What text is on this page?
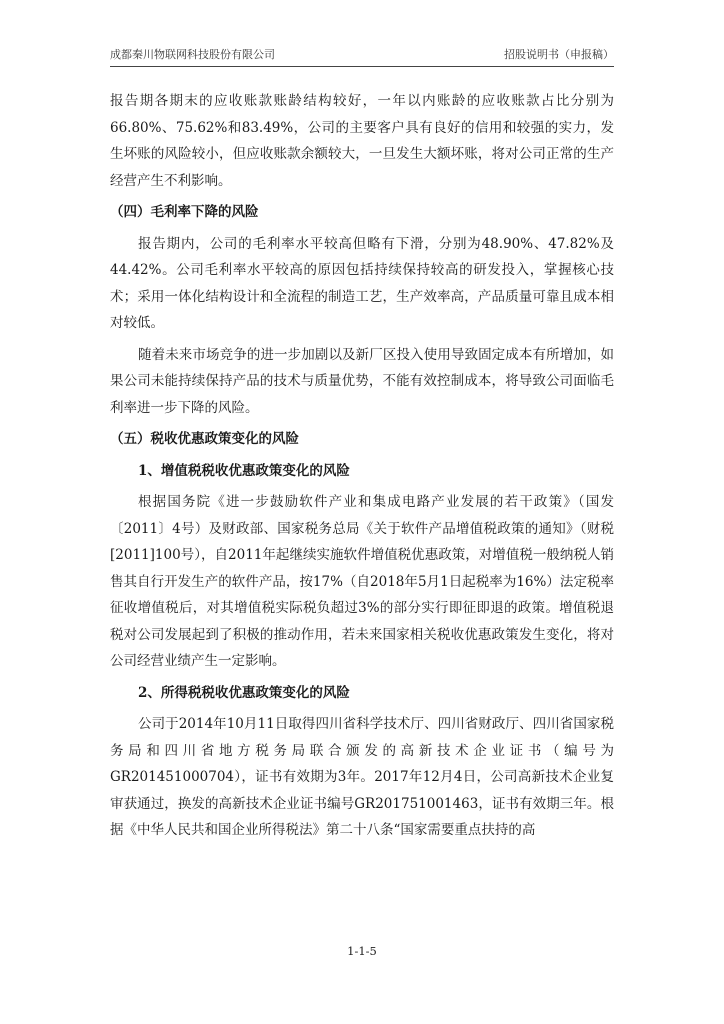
成都秦川物联网科技股份有限公司	招股说明书（申报稿）

报告期各期末的应收账款账龄结构较好，一年以内账龄的应收账款占比分别为66.80%、75.62%和83.49%，公司的主要客户具有良好的信用和较强的实力，发生坏账的风险较小，但应收账款余额较大，一旦发生大额坏账，将对公司正常的生产经营产生不利影响。

（四）毛利率下降的风险

报告期内，公司的毛利率水平较高但略有下滑，分别为48.90%、47.82%及44.42%。公司毛利率水平较高的原因包括持续保持较高的研发投入，掌握核心技术；采用一体化结构设计和全流程的制造工艺，生产效率高，产品质量可靠且成本相对较低。

随着未来市场竞争的进一步加剧以及新厂区投入使用导致固定成本有所增加，如果公司未能持续保持产品的技术与质量优势，不能有效控制成本，将导致公司面临毛利率进一步下降的风险。

（五）税收优惠政策变化的风险
1、增值税税收优惠政策变化的风险

根据国务院《进一步鼓励软件产业和集成电路产业发展的若干政策》（国发〔2011〕4号）及财政部、国家税务总局《关于软件产品增值税政策的通知》（财税[2011]100号），自2011年起继续实施软件增值税优惠政策，对增值税一般纳税人销售其自行开发生产的软件产品，按17%（自2018年5月1日起税率为16%）法定税率征收增值税后，对其增值税实际税负超过3%的部分实行即征即退的政策。增值税退税对公司发展起到了积极的推动作用，若未来国家相关税收优惠政策发生变化，将对公司经营业绩产生一定影响。

2、所得税税收优惠政策变化的风险

公司于2014年10月11日取得四川省科学技术厅、四川省财政厅、四川省国家税务局和四川省地方税务局联合颁发的高新技术企业证书（编号为GR201451000704），证书有效期为3年。2017年12月4日，公司高新技术企业复审获通过，换发的高新技术企业证书编号GR201751001463，证书有效期三年。根据《中华人民共和国企业所得税法》第二十八条“国家需要重点扶持的高

1-1-5
